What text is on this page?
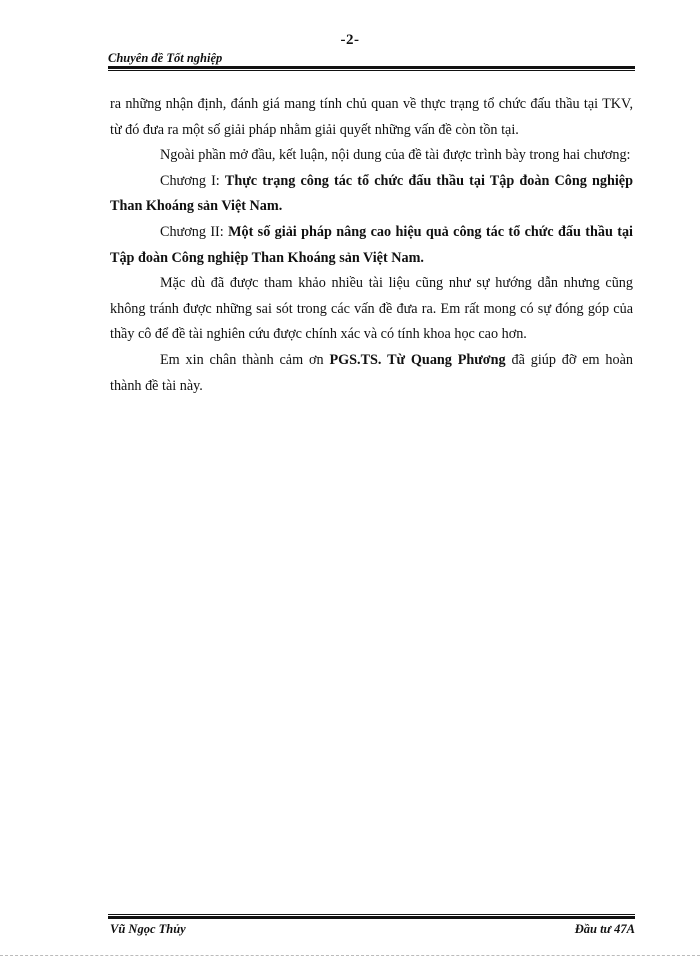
-2-
Chuyên đề Tốt nghiệp

ra những nhận định, đánh giá mang tính chủ quan về thực trạng tổ chức đấu thầu tại TKV, từ đó đưa ra một số giải pháp nhằm giải quyết những vấn đề còn tồn tại.

Ngoài phần mở đầu, kết luận, nội dung của đề tài được trình bày trong hai chương:

Chương I: Thực trạng công tác tổ chức đấu thầu tại Tập đoàn Công nghiệp Than Khoáng sản Việt Nam.

Chương II: Một số giải pháp nâng cao hiệu quả công tác tổ chức đấu thầu tại Tập đoàn Công nghiệp Than Khoáng sản Việt Nam.

Mặc dù đã được tham khảo nhiều tài liệu cũng như sự hướng dẫn nhưng cũng không tránh được những sai sót trong các vấn đề đưa ra. Em rất mong có sự đóng góp của thầy cô để đề tài nghiên cứu được chính xác và có tính khoa học cao hơn.

Em xin chân thành cảm ơn PGS.TS. Từ Quang Phương đã giúp đỡ em hoàn thành đề tài này.

Vũ Ngọc Thủy	Đầu tư 47A
